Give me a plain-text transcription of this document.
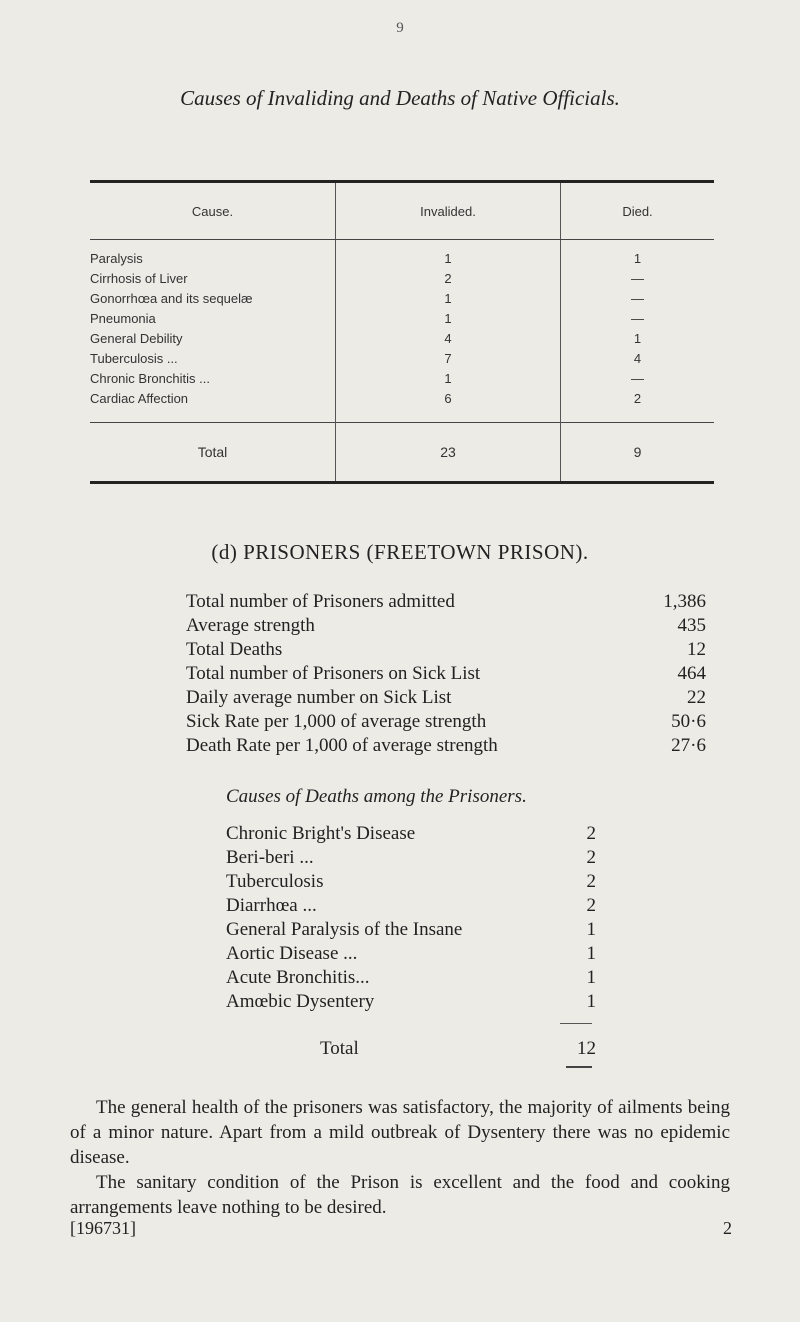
9
Causes of Invaliding and Deaths of Native Officials.
Cause.	Invalided.	Died.

Paralysis	1	1
Cirrhosis of Liver	2	—
Gonorrhœa and its sequelæ	1	—
Pneumonia	1	—
General Debility	4	1
Tuberculosis ...	7	4
Chronic Bronchitis ...	1	—
Cardiac Affection	6	2

Total	23	9
(d) PRISONERS (FREETOWN PRISON).
Total number of Prisoners admitted	1,386
Average strength	435
Total Deaths	12
Total number of Prisoners on Sick List	464
Daily average number on Sick List	22
Sick Rate per 1,000 of average strength	50·6
Death Rate per 1,000 of average strength	27·6
Causes of Deaths among the Prisoners.
Chronic Bright's Disease	2
Beri-beri ...	2
Tuberculosis	2
Diarrhœa ...	2
General Paralysis of the Insane	1
Aortic Disease ...	1
Acute Bronchitis...	1
Amœbic Dysentery	1
Total	12
The general health of the prisoners was satisfactory, the majority of ailments being of a minor nature. Apart from a mild outbreak of Dysentery there was no epidemic disease.
The sanitary condition of the Prison is excellent and the food and cooking arrangements leave nothing to be desired.
[196731]	2
